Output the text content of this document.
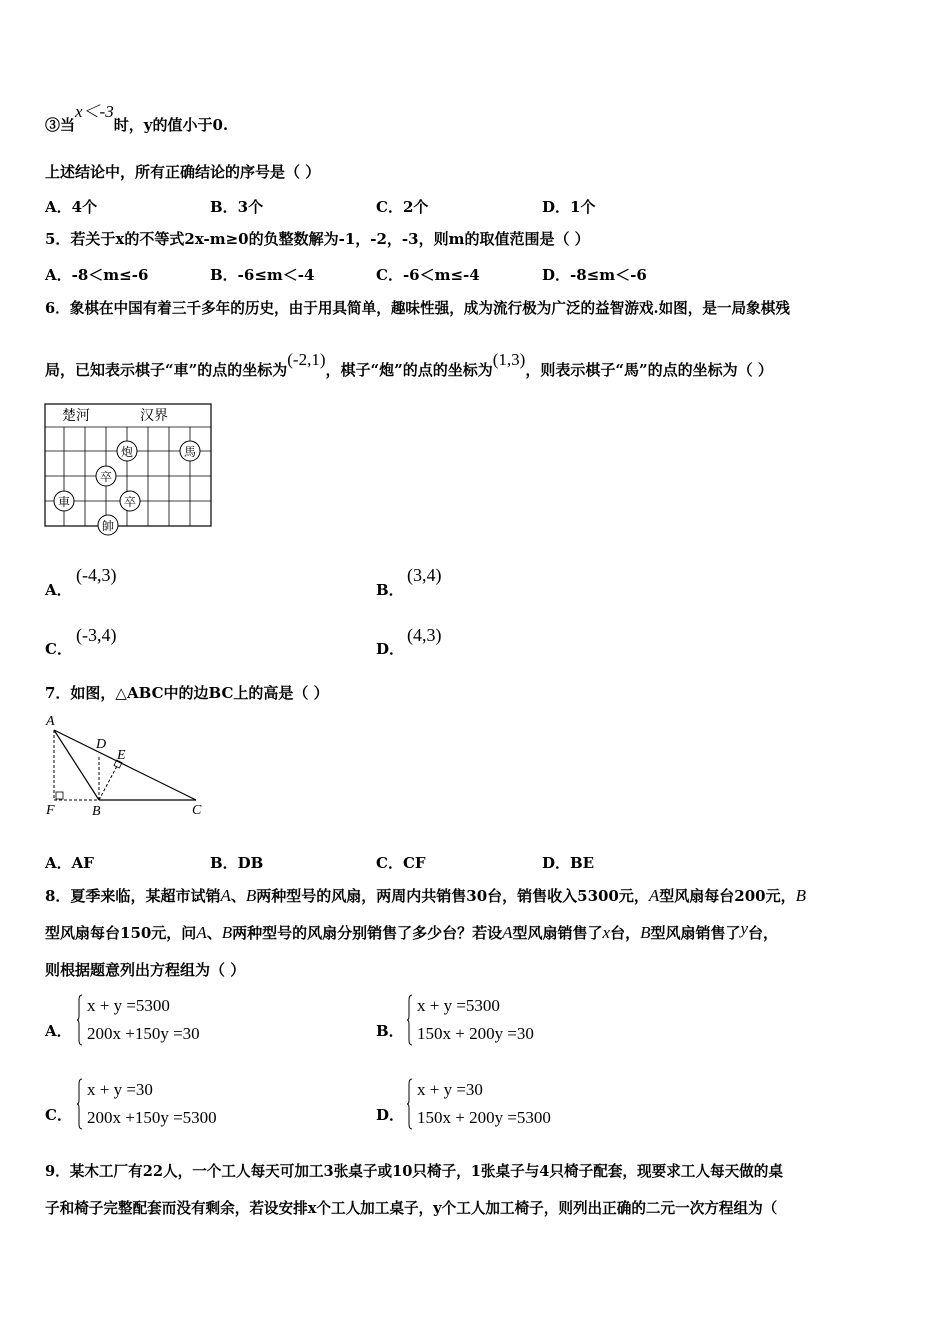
③当x＜-3时，y的值小于0.
上述结论中，所有正确结论的序号是（ ）
A．4个	B．3个	C．2个	D．1个
5．若关于x的不等式2x-m≥0的负整数解为-1，-2，-3，则m的取值范围是（ ）
A．-8＜m≤-6	B．-6≤m＜-4	C．-6＜m≤-4	D．-8≤m＜-6
6．象棋在中国有着三千多年的历史，由于用具简单，趣味性强，成为流行极为广泛的益智游戏.如图，是一局象棋残
局，已知表示棋子“車”的点的坐标为(-2,1)，棋子“炮”的点的坐标为(1,3)，则表示棋子“馬”的点的坐标为（ ）
楚河	汉界
炮	馬
卒
車	卒
帥
A．
(-4,3)
B．
(3,4)
C．
(-3,4)
D．
(4,3)
7．如图，△ABC中的边BC上的高是（ ）
A
D
E
F	B	C
A．AF	B．DB	C．CF	D．BE
8．夏季来临，某超市试销A、B两种型号的风扇，两周内共销售30台，销售收入5300元，A型风扇每台200元，B
型风扇每台150元，问A、B两种型号的风扇分别销售了多少台？若设A型风扇销售了x台，B型风扇销售了y台，
则根据题意列出方程组为（ ）
A．
x + y =5300
200x +150y =30	B．
x + y =5300
150x + 200y =30
C．
x + y =30
200x +150y =5300	D．
x + y =30
150x + 200y =5300
9．某木工厂有22人，一个工人每天可加工3张桌子或10只椅子，1张桌子与4只椅子配套，现要求工人每天做的桌
子和椅子完整配套而没有剩余，若设安排x个工人加工桌子，y个工人加工椅子，则列出正确的二元一次方程组为（
